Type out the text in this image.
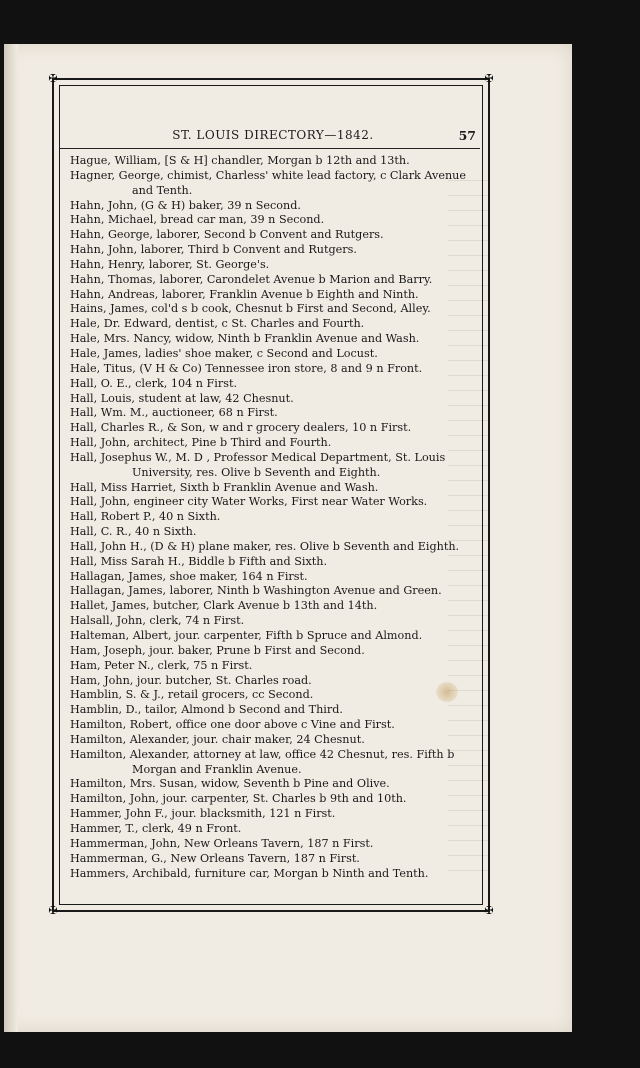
✠	✠
✠	✠
ST. LOUIS DIRECTORY—1842.	57
Hague, William, [S & H] chandler, Morgan b 12th and 13th.
Hagner, George, chimist, Charless' white lead factory, c Clark Avenue
and Tenth.
Hahn, John, (G & H) baker, 39 n Second.
Hahn, Michael, bread car man, 39 n Second.
Hahn, George, laborer, Second b Convent and Rutgers.
Hahn, John, laborer, Third b Convent and Rutgers.
Hahn, Henry, laborer, St. George's.
Hahn, Thomas, laborer, Carondelet Avenue b Marion and Barry.
Hahn, Andreas, laborer, Franklin Avenue b Eighth and Ninth.
Hains, James, col'd s b cook, Chesnut b First and Second, Alley.
Hale, Dr. Edward, dentist, c St. Charles and Fourth.
Hale, Mrs. Nancy, widow, Ninth b Franklin Avenue and Wash.
Hale, James, ladies' shoe maker, c Second and Locust.
Hale, Titus, (V H & Co) Tennessee iron store, 8 and 9 n Front.
Hall, O. E., clerk, 104 n First.
Hall, Louis, student at law, 42 Chesnut.
Hall, Wm. M., auctioneer, 68 n First.
Hall, Charles R., & Son, w and r grocery dealers, 10 n First.
Hall, John, architect, Pine b Third and Fourth.
Hall, Josephus W., M. D , Professor Medical Department, St. Louis
University, res. Olive b Seventh and Eighth.
Hall, Miss Harriet, Sixth b Franklin Avenue and Wash.
Hall, John, engineer city Water Works, First near Water Works.
Hall, Robert P., 40 n Sixth.
Hall, C. R., 40 n Sixth.
Hall, John H., (D & H) plane maker, res. Olive b Seventh and Eighth.
Hall, Miss Sarah H., Biddle b Fifth and Sixth.
Hallagan, James, shoe maker, 164 n First.
Hallagan, James, laborer, Ninth b Washington Avenue and Green.
Hallet, James, butcher, Clark Avenue b 13th and 14th.
Halsall, John, clerk, 74 n First.
Halteman, Albert, jour. carpenter, Fifth b Spruce and Almond.
Ham, Joseph, jour. baker, Prune b First and Second.
Ham, Peter N., clerk, 75 n First.
Ham, John, jour. butcher, St. Charles road.
Hamblin, S. & J., retail grocers, cc Second.
Hamblin, D., tailor, Almond b Second and Third.
Hamilton, Robert, office one door above c Vine and First.
Hamilton, Alexander, jour. chair maker, 24 Chesnut.
Hamilton, Alexander, attorney at law, office 42 Chesnut, res. Fifth b
Morgan and Franklin Avenue.
Hamilton, Mrs. Susan, widow, Seventh b Pine and Olive.
Hamilton, John, jour. carpenter, St. Charles b 9th and 10th.
Hammer, John F., jour. blacksmith, 121 n First.
Hammer, T., clerk, 49 n Front.
Hammerman, John, New Orleans Tavern, 187 n First.
Hammerman, G., New Orleans Tavern, 187 n First.
Hammers, Archibald, furniture car, Morgan b Ninth and Tenth.
